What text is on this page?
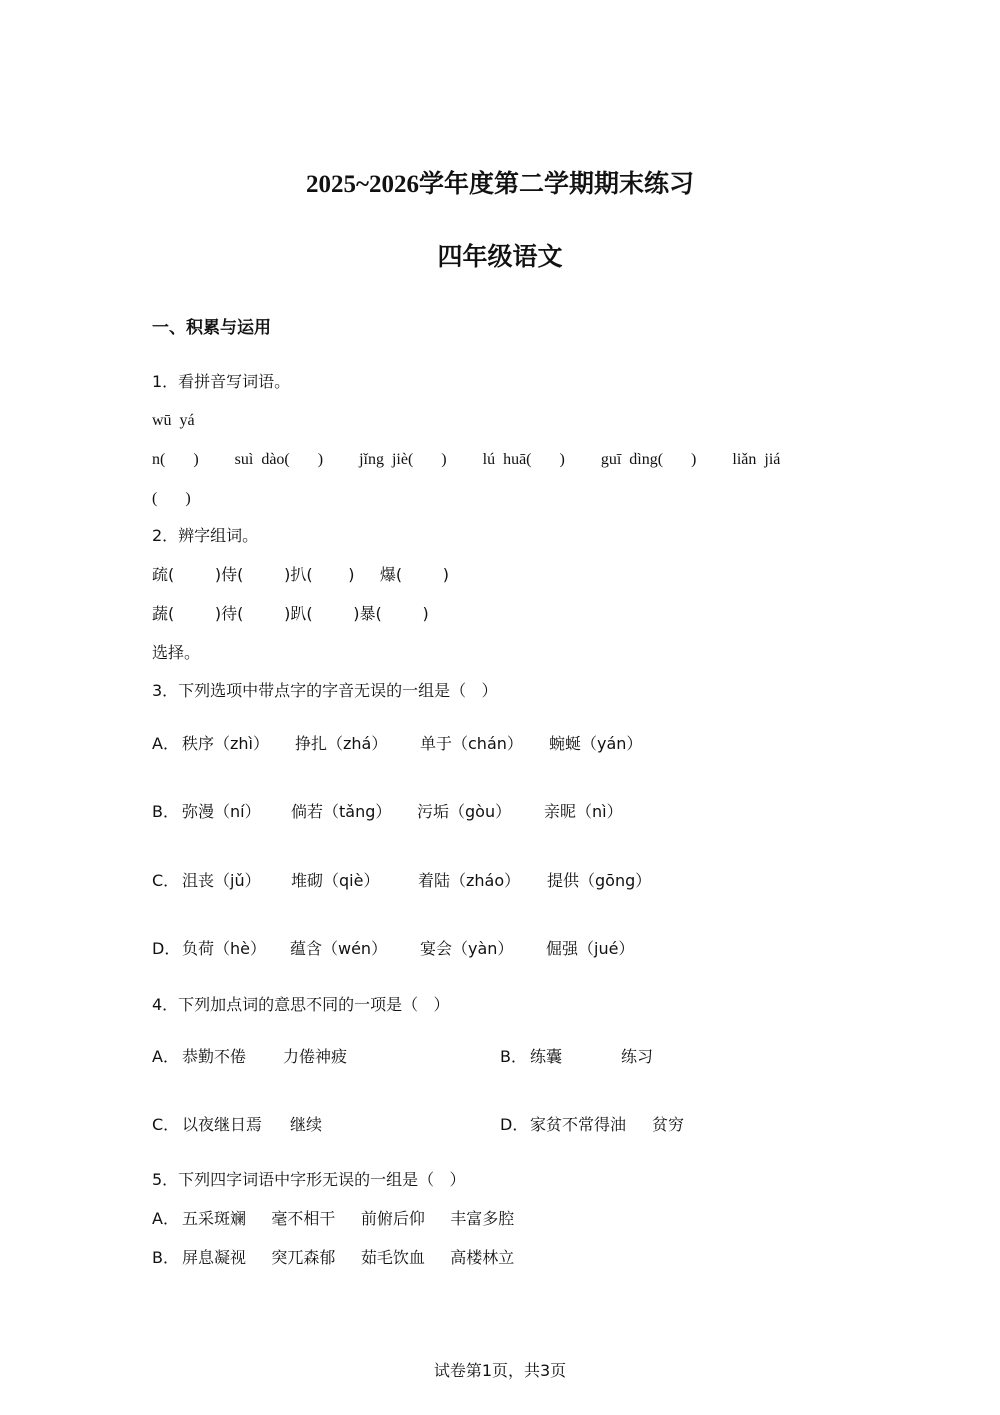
2025~2026学年度第二学期期末练习
四年级语文
一、积累与运用
1．看拼音写词语。
wū  yá
n(       )         suì  dào(       )         jǐng  jiè(       )         lú  huā(       )         guī  dìng(       )         liǎn  jiá
(       )
2．辨字组词。
疏(        )侍(        )扒(       )     爆(        )
蔬(        )待(        )趴(        )暴(        )
选择。
3．下列选项中带点字的字音无误的一组是（   ）
A． 秩序（zhì） 挣扎（zhá） 单于（chán） 蜿蜒（yán）
B． 弥漫（ní） 倘若（tǎng） 污垢（gòu） 亲昵（nì）
C． 沮丧（jǔ） 堆砌（qiè） 着陆（zháo） 提供（gōng）
D． 负荷（hè） 蕴含（wén） 宴会（yàn） 倔强（jué）
4．下列加点词的意思不同的一项是（   ）
A． 恭勤不倦 力倦神疲	B． 练囊	练习
C． 以夜继日焉 继续	D． 家贫不常得油 贫穷
5．下列四字词语中字形无误的一组是（   ）
A． 五采斑斓     毫不相干     前俯后仰     丰富多腔
B． 屏息凝视     突兀森郁     茹毛饮血     高楼林立
试卷第1页，共3页
